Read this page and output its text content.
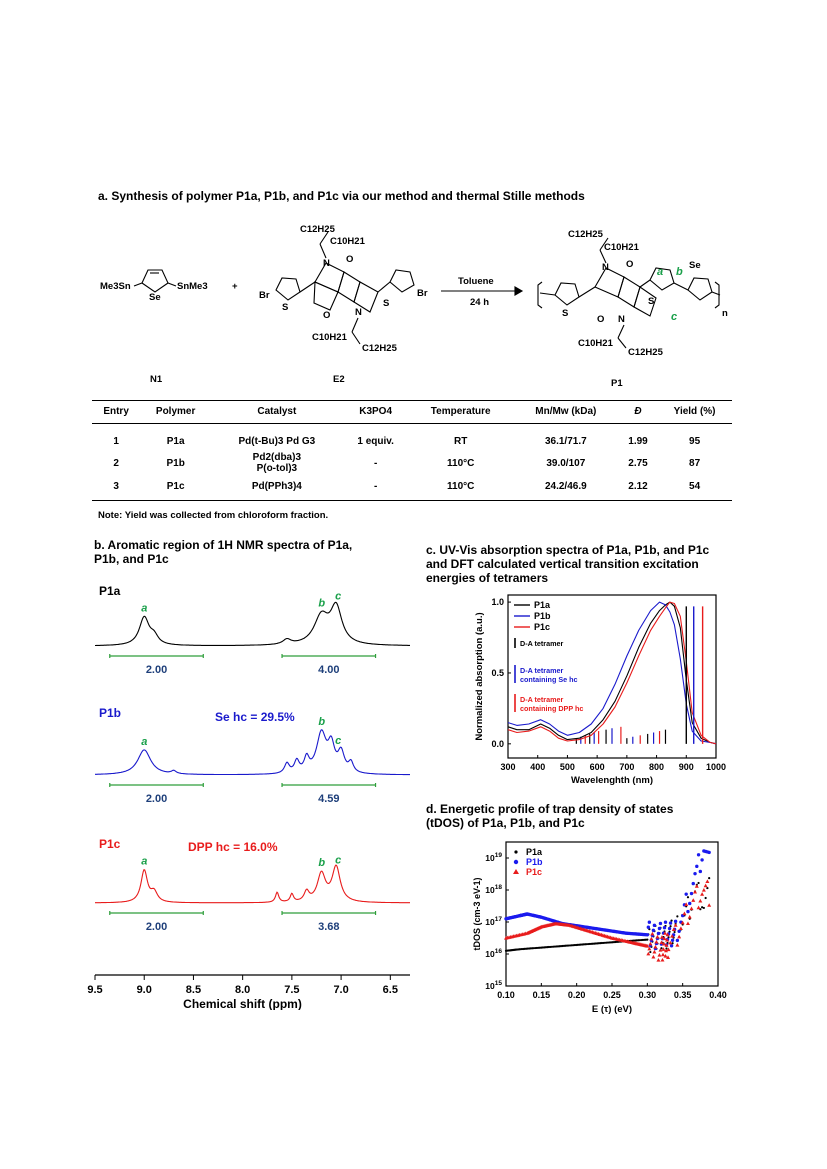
a. Synthesis of polymer P1a, P1b, and P1c via our method and thermal Stille methods
Me3Sn	SnMe3
Se
+
Br
S
N O
O	N
S
Br
C12H25
C10H21
C10H21
C12H25
Toluene
24 h
S
N O
O N
S
Se
n
a b
c
C12H25
C10H21
C10H21
C12H25
N1	E2	P1
Entry	Polymer	Catalyst	K3PO4	Temperature	Mn/Mw (kDa)	Đ	Yield (%)
1	P1a	Pd(t-Bu)3 Pd G3	1 equiv.	RT	36.1/71.7	1.99	95
2	P1b	Pd2(dba)3
P(o-tol)3	-	110°C	39.0/107	2.75	87
3	P1c	Pd(PPh3)4	-	110°C	24.2/46.9	2.12	54
Note: Yield was collected from chloroform fraction.
b. Aromatic region of 1H NMR spectra of P1a,
P1b, and P1c
P1a
a	b
c
2.00	4.00
P1b
a
b
c
2.00	4.59
Se hc = 29.5%
P1c
a	b c
2.00	3.68
DPP hc = 16.0%
9.5	9.0	8.5	8.0	7.5	7.0	6.5
Chemical shift (ppm)
c. UV-Vis absorption spectra of P1a, P1b, and P1c
and DFT calculated vertical transition excitation
energies of tetramers
300 400 500 600 700 800 900 1000
0.0
0.5
1.0
Wavelenghth (nm)
Normalized absorption (a.u.)
P1a
P1b
P1c
D-A tetramer
D-A tetramer
containing Se hc
D-A tetramer
containing DPP hc
d. Energetic profile of trap density of states
(tDOS) of P1a, P1b, and P1c
0.10 0.15 0.20 0.25 0.30 0.35 0.40
$10^{15}$
$10^{16}$
$10^{17}$
$10^{18}$
$10^{19}$
E (τ) (eV)
tDOS (cm-3 eV-1)
P1a
P1b
P1c
